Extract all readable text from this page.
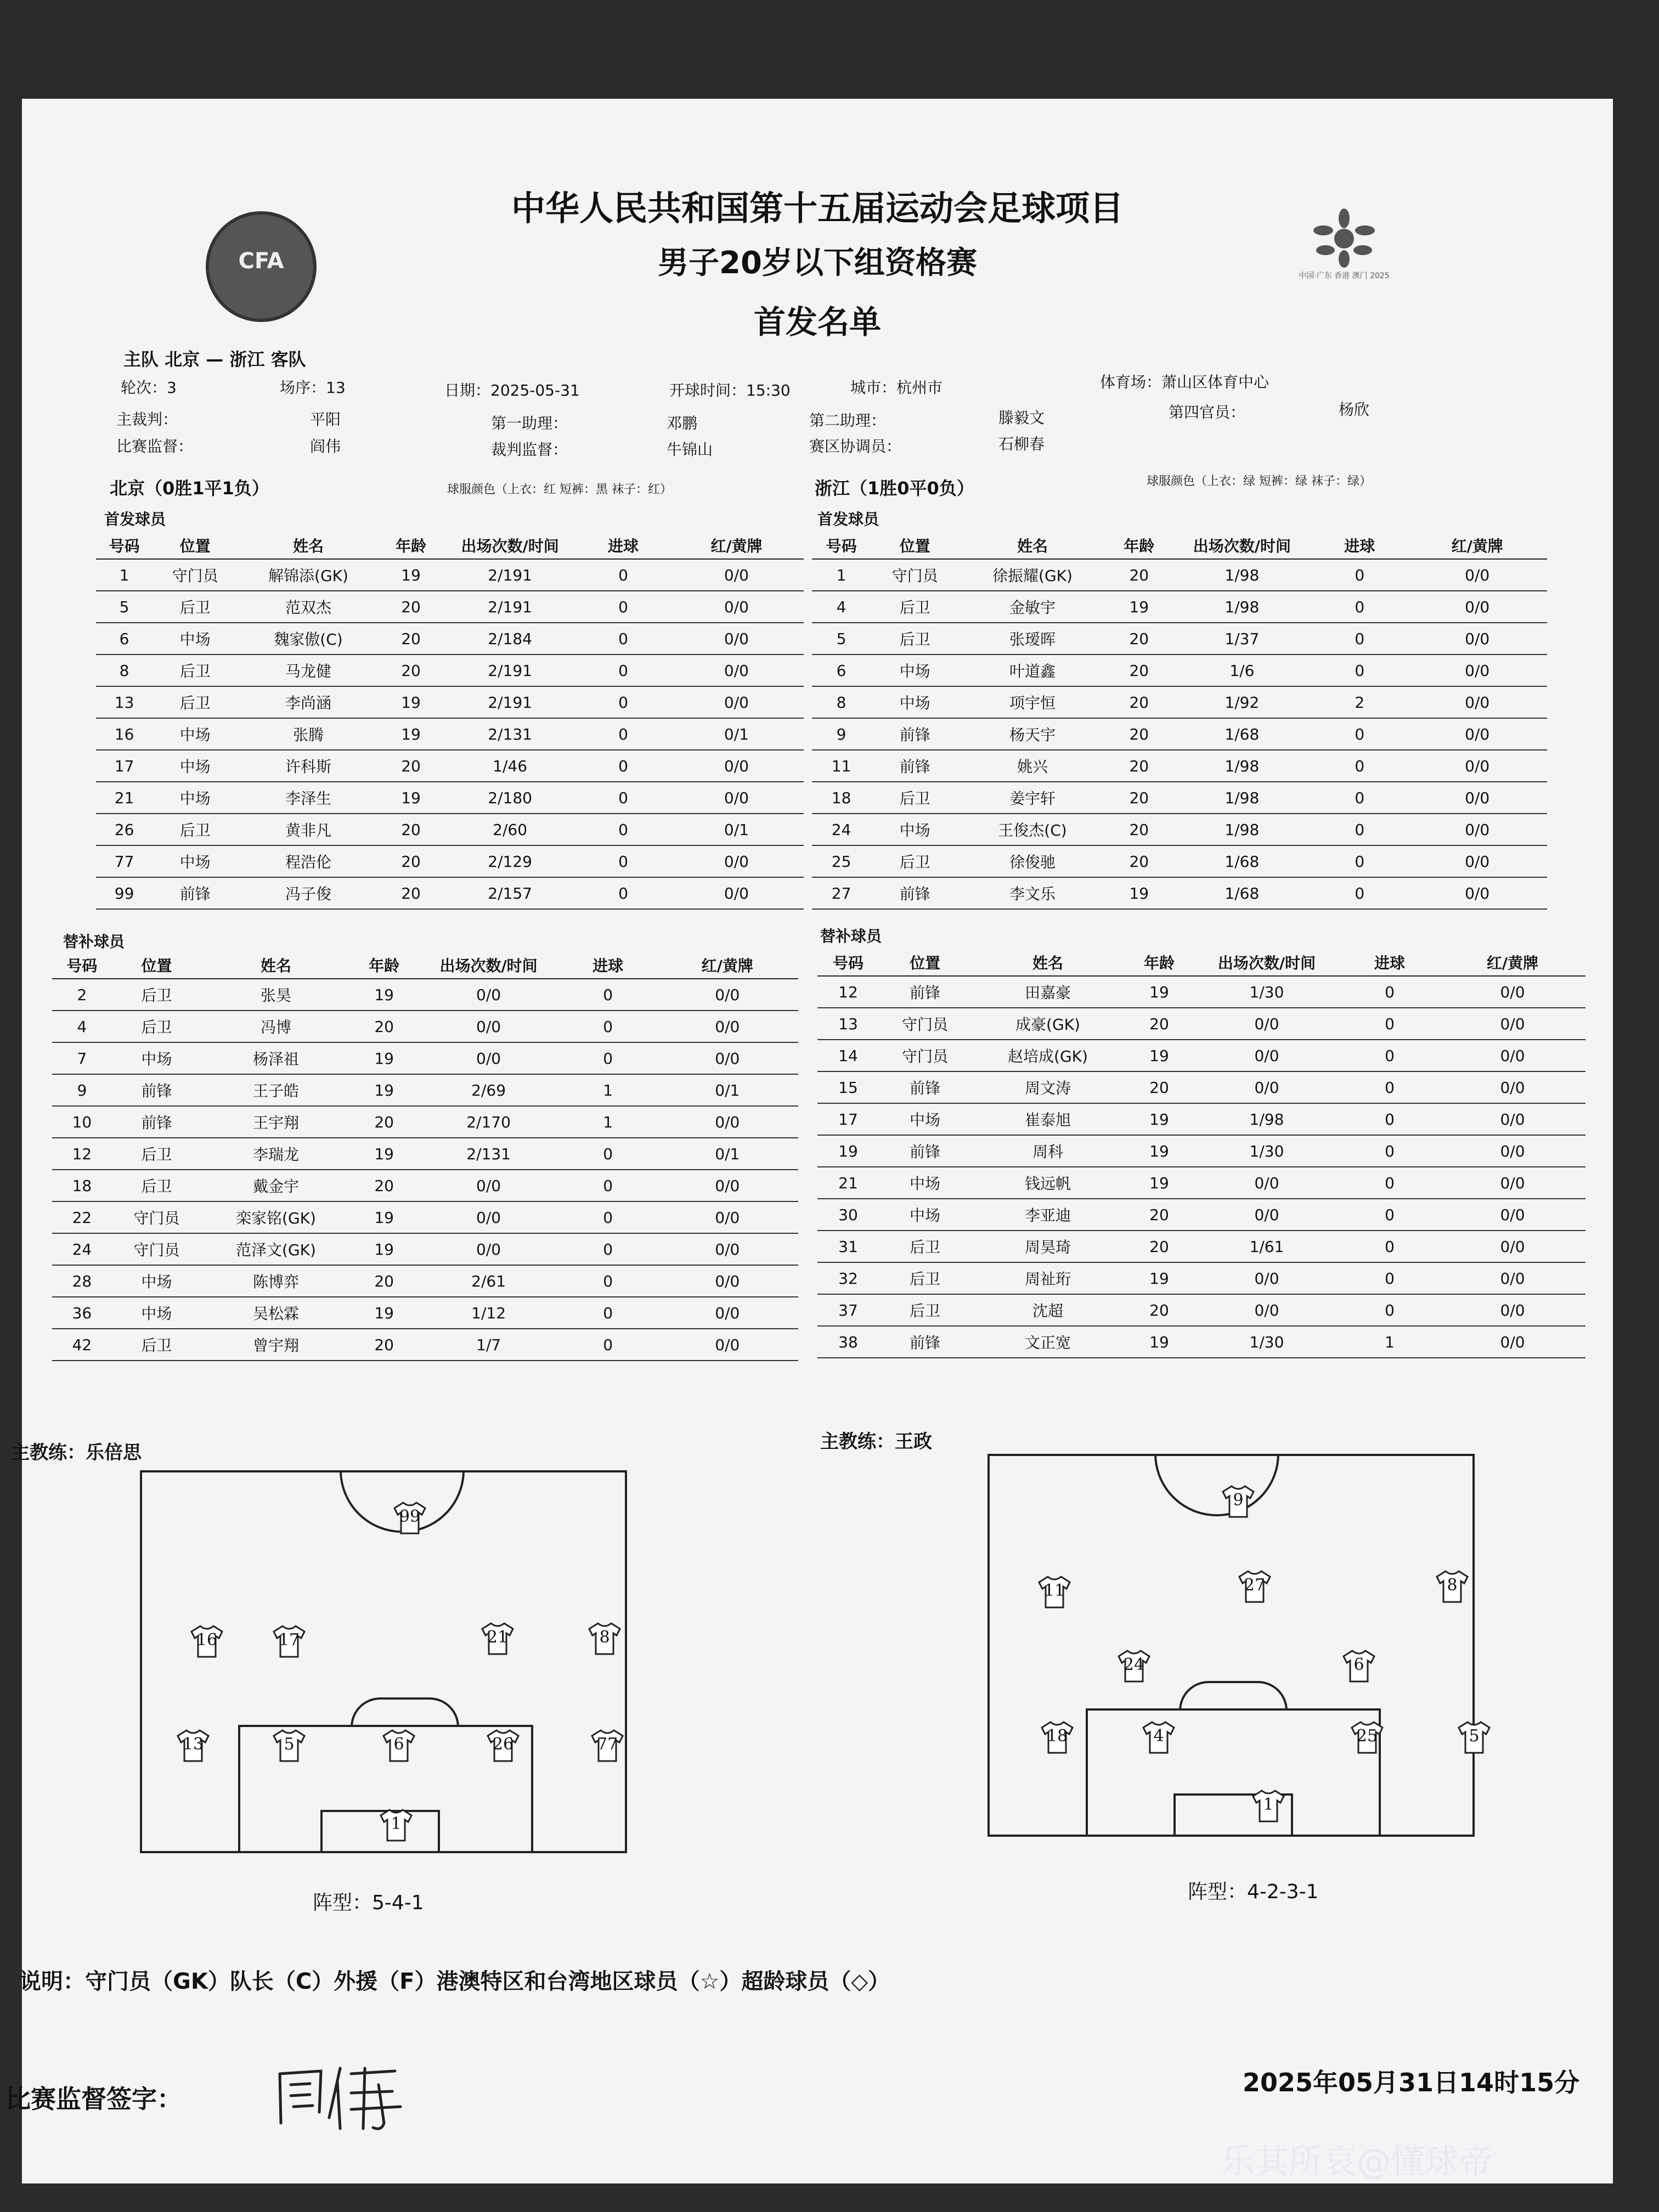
CFA
中国·广东 香港 澳门 2025
中华人民共和国第十五届运动会足球项目
男子20岁以下组资格赛
首发名单
主队 北京 — 浙江 客队
轮次：3	场序：13	日期：2025-05-31	开球时间：15:30	城市：杭州市	体育场：萧山区体育中心
主裁判：	平阳	第一助理：	邓鹏	第二助理：	滕毅文	第四官员：	杨欣
比赛监督：	阎伟	裁判监督：	牛锦山	赛区协调员：	石柳春
北京（0胜1平1负）	球服颜色（上衣：红 短裤：黑 袜子：红）	浙江（1胜0平0负）	球服颜色（上衣：绿 短裤：绿 袜子：绿）
首发球员	首发球员
号码	位置	姓名	年龄	出场次数/时间	进球	红/黄牌
1	守门员	解锦添(GK)	19	2/191	0	0/0
5	后卫	范双杰	20	2/191	0	0/0
6	中场	魏家傲(C)	20	2/184	0	0/0
8	后卫	马龙健	20	2/191	0	0/0
13	后卫	李尚涵	19	2/191	0	0/0
16	中场	张腾	19	2/131	0	0/1
17	中场	许科斯	20	1/46	0	0/0
21	中场	李泽生	19	2/180	0	0/0
26	后卫	黄非凡	20	2/60	0	0/1
77	中场	程浩伦	20	2/129	0	0/0
99	前锋	冯子俊	20	2/157	0	0/0
号码	位置	姓名	年龄	出场次数/时间	进球	红/黄牌
1	守门员	徐振耀(GK)	20	1/98	0	0/0
4	后卫	金敏宇	19	1/98	0	0/0
5	后卫	张瑷晖	20	1/37	0	0/0
6	中场	叶道鑫	20	1/6	0	0/0
8	中场	项宇恒	20	1/92	2	0/0
9	前锋	杨天宇	20	1/68	0	0/0
11	前锋	姚兴	20	1/98	0	0/0
18	后卫	姜宇轩	20	1/98	0	0/0
24	中场	王俊杰(C)	20	1/98	0	0/0
25	后卫	徐俊驰	20	1/68	0	0/0
27	前锋	李文乐	19	1/68	0	0/0
替补球员	替补球员
号码	位置	姓名	年龄	出场次数/时间	进球	红/黄牌
2	后卫	张昊	19	0/0	0	0/0
4	后卫	冯博	20	0/0	0	0/0
7	中场	杨泽祖	19	0/0	0	0/0
9	前锋	王子皓	19	2/69	1	0/1
10	前锋	王宇翔	20	2/170	1	0/0
12	后卫	李瑞龙	19	2/131	0	0/1
18	后卫	戴金宇	20	0/0	0	0/0
22	守门员	栾家铭(GK)	19	0/0	0	0/0
24	守门员	范泽文(GK)	19	0/0	0	0/0
28	中场	陈博弈	20	2/61	0	0/0
36	中场	吴松霖	19	1/12	0	0/0
42	后卫	曾宇翔	20	1/7	0	0/0
号码	位置	姓名	年龄	出场次数/时间	进球	红/黄牌
12	前锋	田嘉豪	19	1/30	0	0/0
13	守门员	成豪(GK)	20	0/0	0	0/0
14	守门员	赵培成(GK)	19	0/0	0	0/0
15	前锋	周文涛	20	0/0	0	0/0
17	中场	崔泰旭	19	1/98	0	0/0
19	前锋	周科	19	1/30	0	0/0
21	中场	钱远帆	19	0/0	0	0/0
30	中场	李亚迪	20	0/0	0	0/0
31	后卫	周昊琦	20	1/61	0	0/0
32	后卫	周祉珩	19	0/0	0	0/0
37	后卫	沈超	20	0/0	0	0/0
38	前锋	文正宽	19	1/30	1	0/0
主教练：乐倍思	主教练：王政
阵型：5-4-1	阵型：4-2-3-1
99
16	17	21	8
13	5	6	26	77
1
9
11	27	8
24	6
18	4	25	5
1
说明：守门员（GK）队长（C）外援（F）港澳特区和台湾地区球员（☆）超龄球员（◇）
比赛监督签字：
2025年05月31日14时15分
乐其所哀@懂球帝
